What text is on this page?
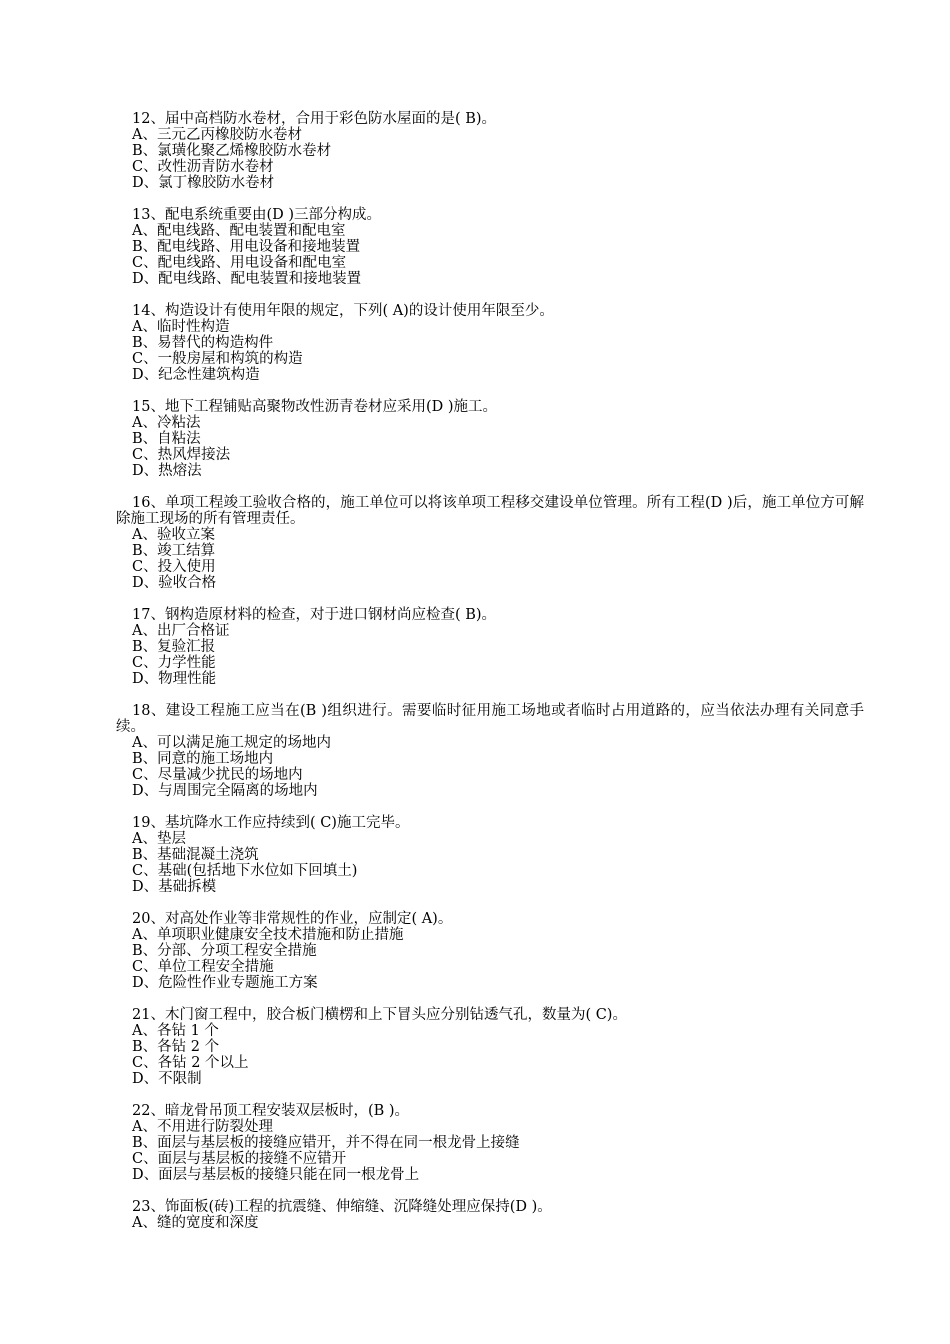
12、届中高档防水卷材，合用于彩色防水屋面的是( B)。

A、三元乙丙橡胶防水卷材
B、氯璜化聚乙烯橡胶防水卷材
C、改性沥青防水卷材
D、氯丁橡胶防水卷材

13、配电系统重要由(D )三部分构成。

A、配电线路、配电装置和配电室
B、配电线路、用电设备和接地装置
C、配电线路、用电设备和配电室
D、配电线路、配电装置和接地装置

14、构造设计有使用年限的规定，下列( A)的设计使用年限至少。

A、临时性构造
B、易替代的构造构件
C、一般房屋和构筑的构造
D、纪念性建筑构造

15、地下工程铺贴高聚物改性沥青卷材应采用(D )施工。

A、冷粘法
B、自粘法
C、热风焊接法
D、热熔法

16、单项工程竣工验收合格的，施工单位可以将该单项工程移交建设单位管理。所有工程(D )后，施工单位方可解除施工现场的所有管理责任。

A、验收立案
B、竣工结算
C、投入使用
D、验收合格

17、钢构造原材料的检查，对于进口钢材尚应检查( B)。

A、出厂合格证
B、复验汇报
C、力学性能
D、物理性能

18、建设工程施工应当在(B )组织进行。需要临时征用施工场地或者临时占用道路的，应当依法办理有关同意手续。

A、可以满足施工规定的场地内
B、同意的施工场地内
C、尽量减少扰民的场地内
D、与周围完全隔离的场地内

19、基坑降水工作应持续到( C)施工完毕。

A、垫层
B、基础混凝土浇筑
C、基础(包括地下水位如下回填土)
D、基础拆模

20、对高处作业等非常规性的作业，应制定( A)。

A、单项职业健康安全技术措施和防止措施
B、分部、分项工程安全措施
C、单位工程安全措施
D、危险性作业专题施工方案

21、木门窗工程中，胶合板门横楞和上下冒头应分别钻透气孔，数量为( C)。

A、各钻 1 个
B、各钻 2 个
C、各钻 2 个以上
D、不限制

22、暗龙骨吊顶工程安装双层板时，(B )。

A、不用进行防裂处理
B、面层与基层板的接缝应错开，并不得在同一根龙骨上接缝
C、面层与基层板的接缝不应错开
D、面层与基层板的接缝只能在同一根龙骨上

23、饰面板(砖)工程的抗震缝、伸缩缝、沉降缝处理应保持(D )。

A、缝的宽度和深度
